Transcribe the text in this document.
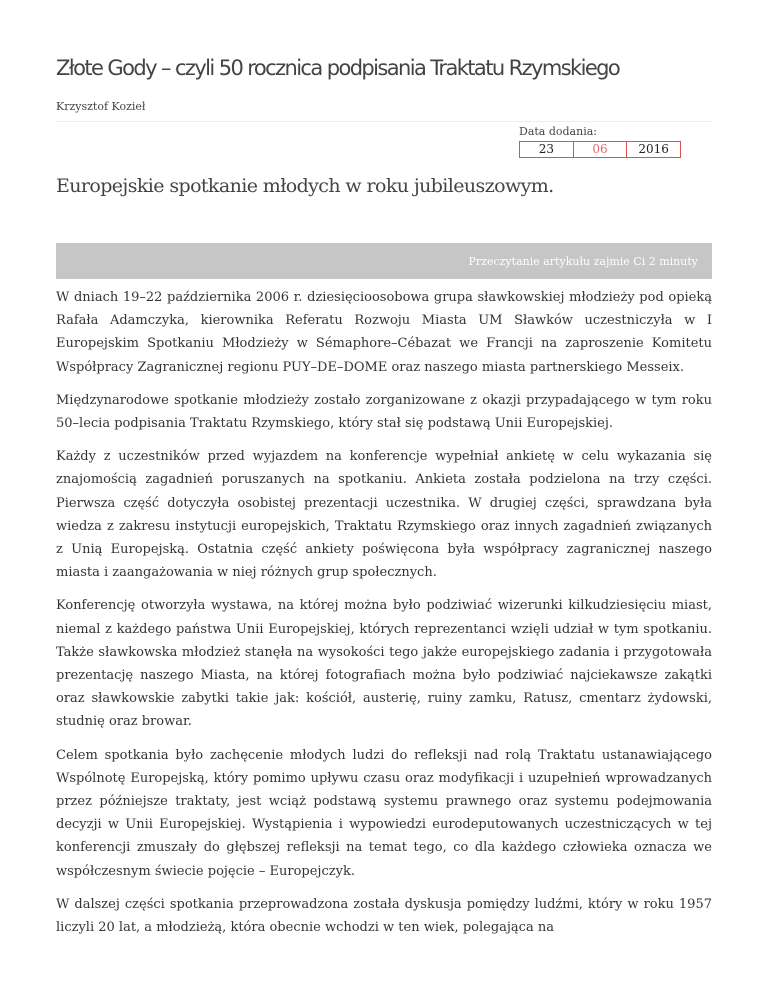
Złote Gody – czyli 50 rocznica podpisania Traktatu Rzymskiego
Krzysztof Kozieł
Data dodania:
23	06	2016
Europejskie spotkanie młodych w roku jubileuszowym.
Przeczytanie artykułu zajmie Ci 2 minuty

W dniach 19–22 października 2006 r. dziesięcioosobowa grupa sławkowskiej młodzieży pod opieką Rafała Adamczyka, kierownika Referatu Rozwoju Miasta UM Sławków uczestniczyła w I Europejskim Spotkaniu Młodzieży w Sémaphore–Cébazat we Francji na zaproszenie Komitetu Współpracy Zagranicznej regionu PUY–DE–DOME oraz naszego miasta partnerskiego Messeix.

Międzynarodowe spotkanie młodzieży zostało zorganizowane z okazji przypadającego w tym roku 50–lecia podpisania Traktatu Rzymskiego, który stał się podstawą Unii Europejskiej.

Każdy z uczestników przed wyjazdem na konferencje wypełniał ankietę w celu wykazania się znajomością zagadnień poruszanych na spotkaniu. Ankieta została podzielona na trzy części. Pierwsza część dotyczyła osobistej prezentacji uczestnika. W drugiej części, sprawdzana była wiedza z zakresu instytucji europejskich, Traktatu Rzymskiego oraz innych zagadnień związanych z Unią Europejską. Ostatnia część ankiety poświęcona była współpracy zagranicznej naszego miasta i zaangażowania w niej różnych grup społecznych.

Konferencję otworzyła wystawa, na której można było podziwiać wizerunki kilkudziesięciu miast, niemal z każdego państwa Unii Europejskiej, których reprezentanci wzięli udział w tym spotkaniu. Także sławkowska młodzież stanęła na wysokości tego jakże europejskiego zadania i przygotowała prezentację naszego Miasta, na której fotografiach można było podziwiać najciekawsze zakątki oraz sławkowskie zabytki takie jak: kościół, austerię, ruiny zamku, Ratusz, cmentarz żydowski, studnię oraz browar.

Celem spotkania było zachęcenie młodych ludzi do refleksji nad rolą Traktatu ustanawiającego Wspólnotę Europejską, który pomimo upływu czasu oraz modyfikacji i uzupełnień wprowadzanych przez późniejsze traktaty, jest wciąż podstawą systemu prawnego oraz systemu podejmowania decyzji w Unii Europejskiej. Wystąpienia i wypowiedzi eurodeputowanych uczestniczących w tej konferencji zmuszały do głębszej refleksji na temat tego, co dla każdego człowieka oznacza we współczesnym świecie pojęcie – Europejczyk.

W dalszej części spotkania przeprowadzona została dyskusja pomiędzy ludźmi, który w roku 1957 liczyli 20 lat, a młodzieżą, która obecnie wchodzi w ten wiek, polegająca na
